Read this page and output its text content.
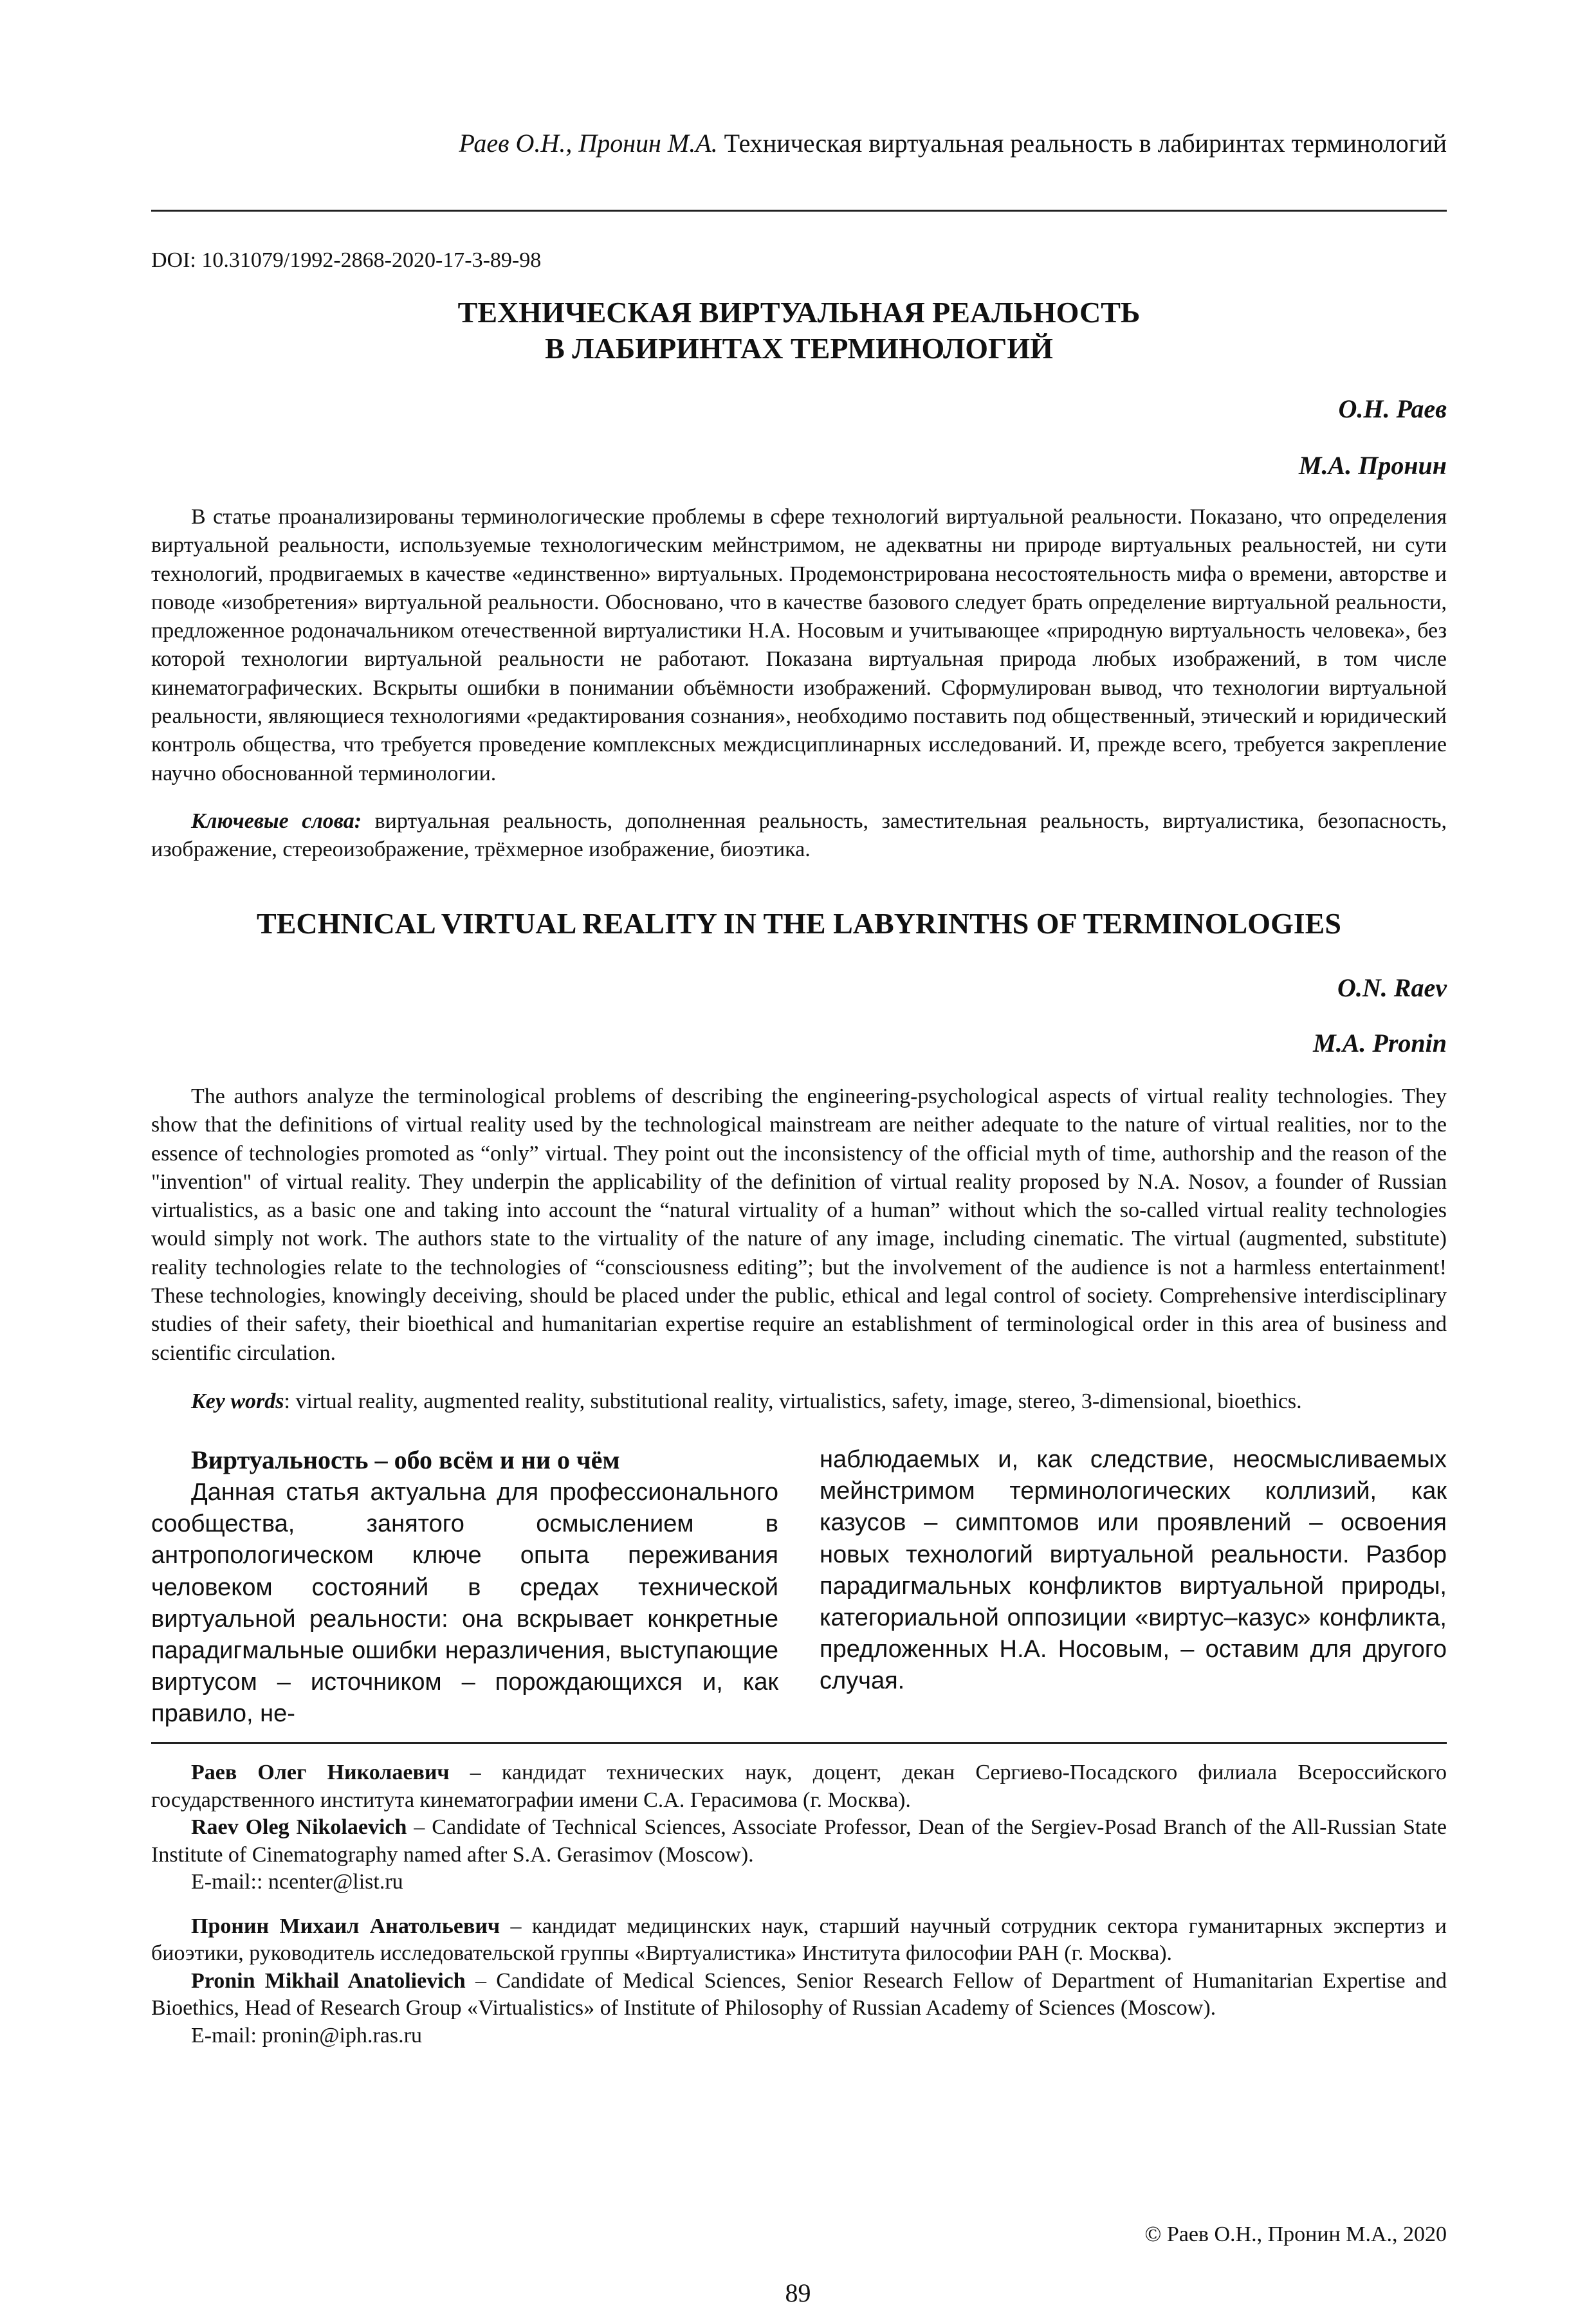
Раев О.Н., Пронин М.А. Техническая виртуальная реальность в лабиринтах терминологий
DOI: 10.31079/1992-2868-2020-17-3-89-98
ТЕХНИЧЕСКАЯ ВИРТУАЛЬНАЯ РЕАЛЬНОСТЬ
В ЛАБИРИНТАХ ТЕРМИНОЛОГИЙ
О.Н. Раев
М.А. Пронин

В статье проанализированы терминологические проблемы в сфере технологий виртуальной реальности. Показано, что определения виртуальной реальности, используемые технологическим мейнстримом, не адекватны ни природе виртуальных реальностей, ни сути технологий, продвигаемых в качестве «единственно» виртуальных. Продемонстрирована несостоятельность мифа о времени, авторстве и поводе «изобретения» виртуальной реальности. Обосновано, что в качестве базового следует брать определение виртуальной реальности, предложенное родоначальником отечественной виртуалистики Н.А. Носовым и учитывающее «природную виртуальность человека», без которой технологии виртуальной реальности не работают. Показана виртуальная природа любых изображений, в том числе кинематографических. Вскрыты ошибки в понимании объёмности изображений. Сформулирован вывод, что технологии виртуальной реальности, являющиеся технологиями «редактирования сознания», необходимо поставить под общественный, этический и юридический контроль общества, что требуется проведение комплексных междисциплинарных исследований. И, прежде всего, требуется закрепление научно обоснованной терминологии.

Ключевые слова: виртуальная реальность, дополненная реальность, заместительная реальность, виртуалистика, безопасность, изображение, стереоизображение, трёхмерное изображение, биоэтика.

TECHNICAL VIRTUAL REALITY IN THE LABYRINTHS OF TERMINOLOGIES
O.N. Raev
M.A. Pronin

The authors analyze the terminological problems of describing the engineering-psychological aspects of virtual reality technologies. They show that the definitions of virtual reality used by the technological mainstream are neither adequate to the nature of virtual realities, nor to the essence of technologies promoted as “only” virtual. They point out the inconsistency of the official myth of time, authorship and the reason of the "invention" of virtual reality. They underpin the applicability of the definition of virtual reality proposed by N.A. Nosov, a founder of Russian virtualistics, as a basic one and taking into account the “natural virtuality of a human” without which the so-called virtual reality technologies would simply not work. The authors state to the virtuality of the nature of any image, including cinematic. The virtual (augmented, substitute) reality technologies relate to the technologies of “consciousness editing”; but the involvement of the audience is not a harmless entertainment! These technologies, knowingly deceiving, should be placed under the public, ethical and legal control of society. Comprehensive interdisciplinary studies of their safety, their bioethical and humanitarian expertise require an establishment of terminological order in this area of business and scientific circulation.

Key words: virtual reality, augmented reality, substitutional reality, virtualistics, safety, image, stereo, 3-dimensional, bioethics.

Виртуальность – обо всём и ни о чём

Данная статья актуальна для профессионального сообщества, занятого осмыслением в антропологическом ключе опыта переживания человеком состояний в средах технической виртуальной реальности: она вскрывает конкретные парадигмальные ошибки неразличения, выступающие виртусом – источником – порождающихся и, как правило, не-

наблюдаемых и, как следствие, неосмысливаемых мейнстримом терминологических коллизий, как казусов – симптомов или проявлений – освоения новых технологий виртуальной реальности. Разбор парадигмальных конфликтов виртуальной природы, категориальной оппозиции «виртус–казус» конфликта, предложенных Н.А. Носовым, – оставим для другого случая.

Раев Олег Николаевич – кандидат технических наук, доцент, декан Сергиево-Посадского филиала Всероссийского государственного института кинематографии имени С.А. Герасимова (г. Москва).

Raev Oleg Nikolaevich – Candidate of Technical Sciences, Associate Professor, Dean of the Sergiev-Posad Branch of the All-Russian State Institute of Cinematography named after S.A. Gerasimov (Moscow).

E-mail:: ncenter@list.ru

Пронин Михаил Анатольевич – кандидат медицинских наук, старший научный сотрудник сектора гуманитарных экспертиз и биоэтики, руководитель исследовательской группы «Виртуалистика» Института философии РАН (г. Москва).

Pronin Mikhail Anatolievich – Candidate of Medical Sciences, Senior Research Fellow of Department of Humanitarian Expertise and Bioethics, Head of Research Group «Virtualistics» of Institute of Philosophy of Russian Academy of Sciences (Moscow).

E-mail: pronin@iph.ras.ru

© Раев О.Н., Пронин М.А., 2020
89
